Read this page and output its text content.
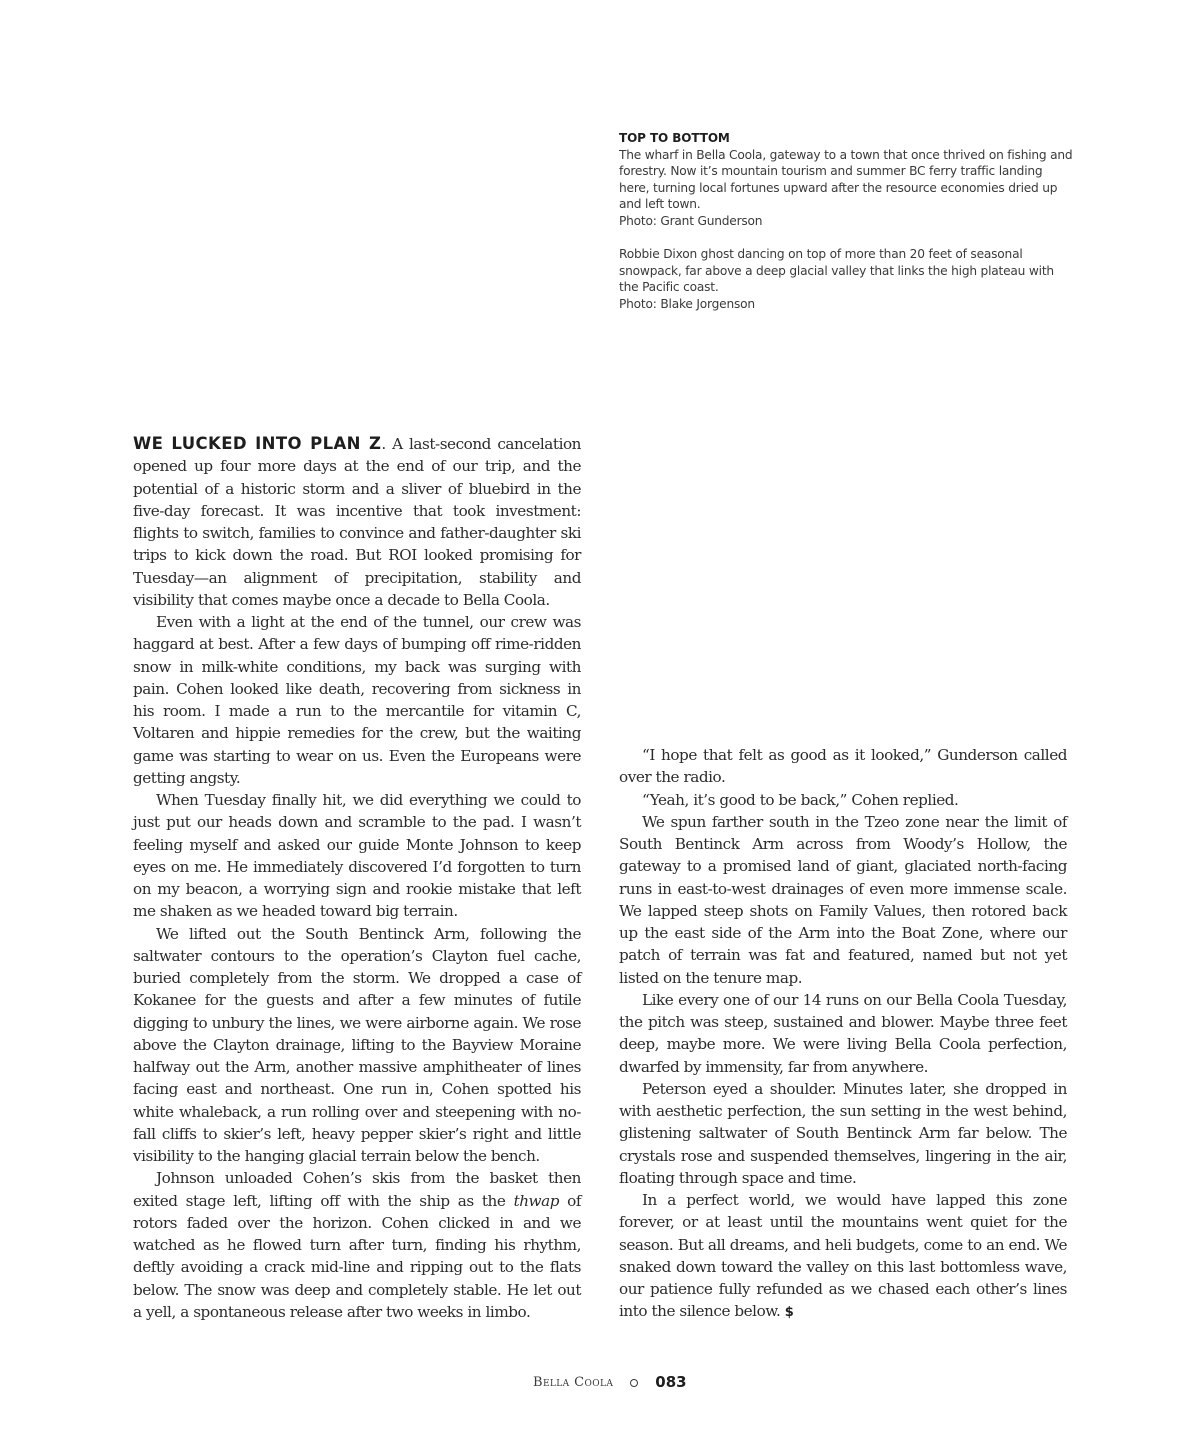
TOP TO BOTTOM

The wharf in Bella Coola, gateway to a town that once thrived on fishing and forestry. Now it’s mountain tourism and summer BC ferry traffic landing here, turning local fortunes upward after the resource economies dried up and left town.

Photo: Grant Gunderson

Robbie Dixon ghost dancing on top of more than 20 feet of seasonal snowpack, far above a deep glacial valley that links the high plateau with the Pacific coast.

Photo: Blake Jorgenson

WE LUCKED INTO PLAN Z. A last-second cancelation opened up four more days at the end of our trip, and the potential of a historic storm and a sliver of bluebird in the five-day forecast. It was incentive that took investment: flights to switch, families to convince and father-daughter ski trips to kick down the road. But ROI looked promising for Tuesday—an alignment of precipitation, stability and visibility that comes maybe once a decade to Bella Coola.

Even with a light at the end of the tunnel, our crew was haggard at best. After a few days of bumping off rime-ridden snow in milk-white conditions, my back was surging with pain. Cohen looked like death, recovering from sickness in his room. I made a run to the mercantile for vitamin C, Voltaren and hippie remedies for the crew, but the waiting game was starting to wear on us. Even the Europeans were getting angsty.

When Tuesday finally hit, we did everything we could to just put our heads down and scramble to the pad. I wasn’t feeling myself and asked our guide Monte Johnson to keep eyes on me. He immediately discovered I’d forgotten to turn on my beacon, a worrying sign and rookie mistake that left me shaken as we headed toward big terrain.

We lifted out the South Bentinck Arm, following the saltwater contours to the operation’s Clayton fuel cache, buried completely from the storm. We dropped a case of Kokanee for the guests and after a few minutes of futile digging to unbury the lines, we were airborne again. We rose above the Clayton drainage, lifting to the Bayview Moraine halfway out the Arm, another massive amphitheater of lines facing east and northeast. One run in, Cohen spotted his white whaleback, a run rolling over and steepening with no-fall cliffs to skier’s left, heavy pepper skier’s right and little visibility to the hanging glacial terrain below the bench.

Johnson unloaded Cohen’s skis from the basket then exited stage left, lifting off with the ship as the thwap of rotors faded over the horizon. Cohen clicked in and we watched as he flowed turn after turn, finding his rhythm, deftly avoiding a crack mid-line and ripping out to the flats below. The snow was deep and completely stable. He let out a yell, a spontaneous release after two weeks in limbo.

“I hope that felt as good as it looked,” Gunderson called over the radio.

“Yeah, it’s good to be back,” Cohen replied.

We spun farther south in the Tzeo zone near the limit of South Bentinck Arm across from Woody’s Hollow, the gateway to a promised land of giant, glaciated north-facing runs in east-to-west drainages of even more immense scale. We lapped steep shots on Family Values, then rotored back up the east side of the Arm into the Boat Zone, where our patch of terrain was fat and featured, named but not yet listed on the tenure map.

Like every one of our 14 runs on our Bella Coola Tuesday, the pitch was steep, sustained and blower. Maybe three feet deep, maybe more. We were living Bella Coola perfection, dwarfed by immensity, far from anywhere.

Peterson eyed a shoulder. Minutes later, she dropped in with aesthetic perfection, the sun setting in the west behind, glistening saltwater of South Bentinck Arm far below. The crystals rose and suspended themselves, lingering in the air, floating through space and time.

In a perfect world, we would have lapped this zone forever, or at least until the mountains went quiet for the season. But all dreams, and heli budgets, come to an end. We snaked down toward the valley on this last bottomless wave, our patience fully refunded as we chased each other’s lines into the silence below. $

Bella Coola	083
